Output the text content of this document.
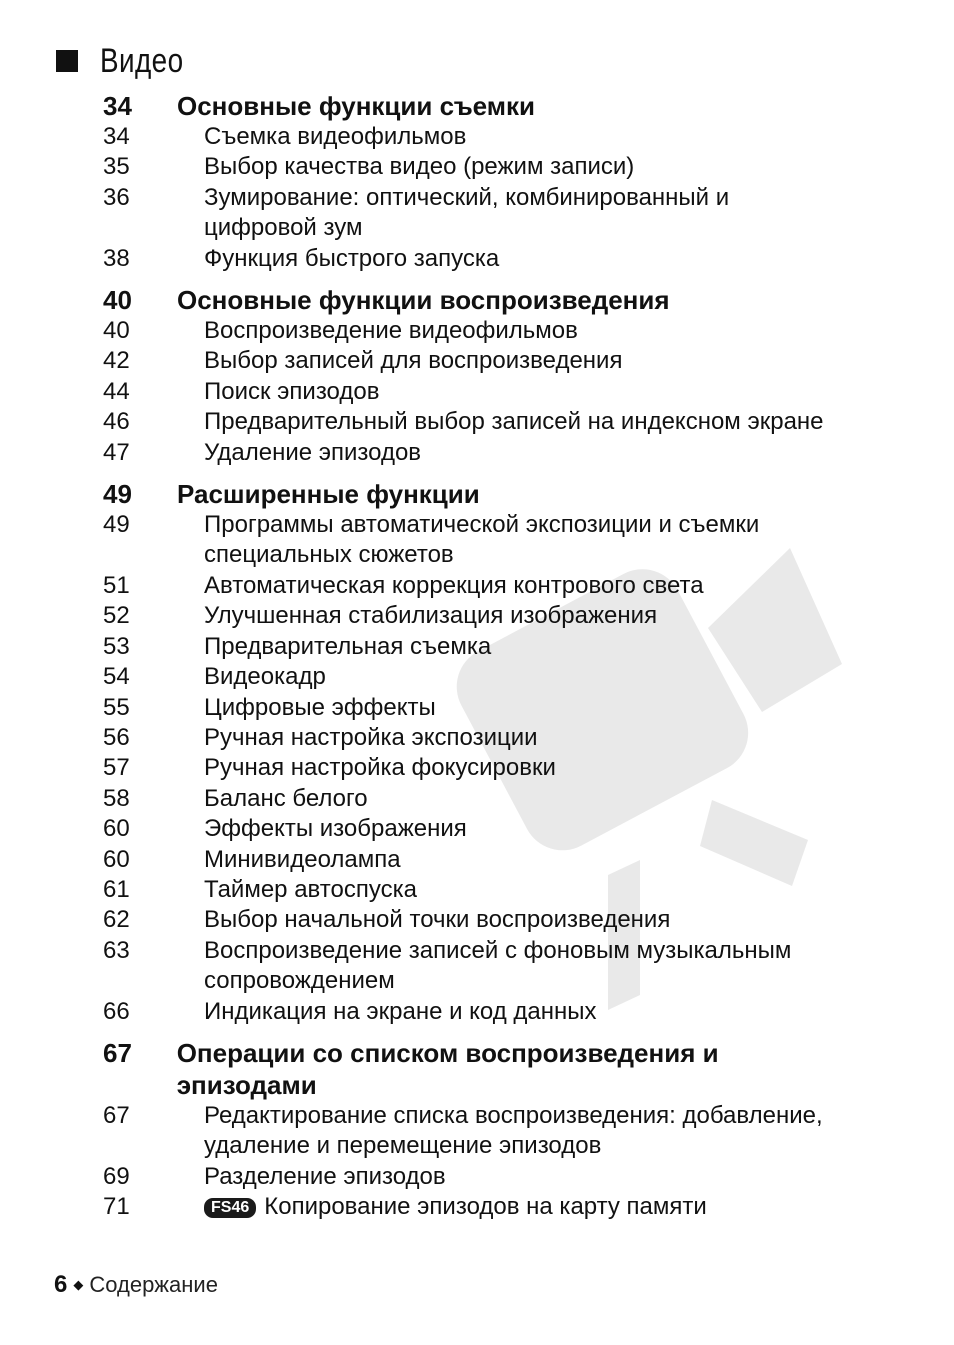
Видео
34	Основные функции съемки
34	Съемка видеофильмов
35	Выбор качества видео (режим записи)
36	Зумирование: оптический, комбинированный и цифровой зум
38	Функция быстрого запуска
40	Основные функции воспроизведения
40	Воспроизведение видеофильмов
42	Выбор записей для воспроизведения
44	Поиск эпизодов
46	Предварительный выбор записей на индексном экране
47	Удаление эпизодов
49	Расширенные функции
49	Программы автоматической экспозиции и съемки специальных сюжетов
51	Автоматическая коррекция контрового света
52	Улучшенная стабилизация изображения
53	Предварительная съемка
54	Видеокадр
55	Цифровые эффекты
56	Ручная настройка экспозиции
57	Ручная настройка фокусировки
58	Баланс белого
60	Эффекты изображения
60	Минивидеолампа
61	Таймер автоспуска
62	Выбор начальной точки воспроизведения
63	Воспроизведение записей с фоновым музыкальным сопровождением
66	Индикация на экране и код данных
67	Операции со списком воспроизведения и эпизодами
67	Редактирование списка воспроизведения: добавление, удаление и перемещение эпизодов
69	Разделение эпизодов
71	FS46 Копирование эпизодов на карту памяти
6 ◆ Содержание
